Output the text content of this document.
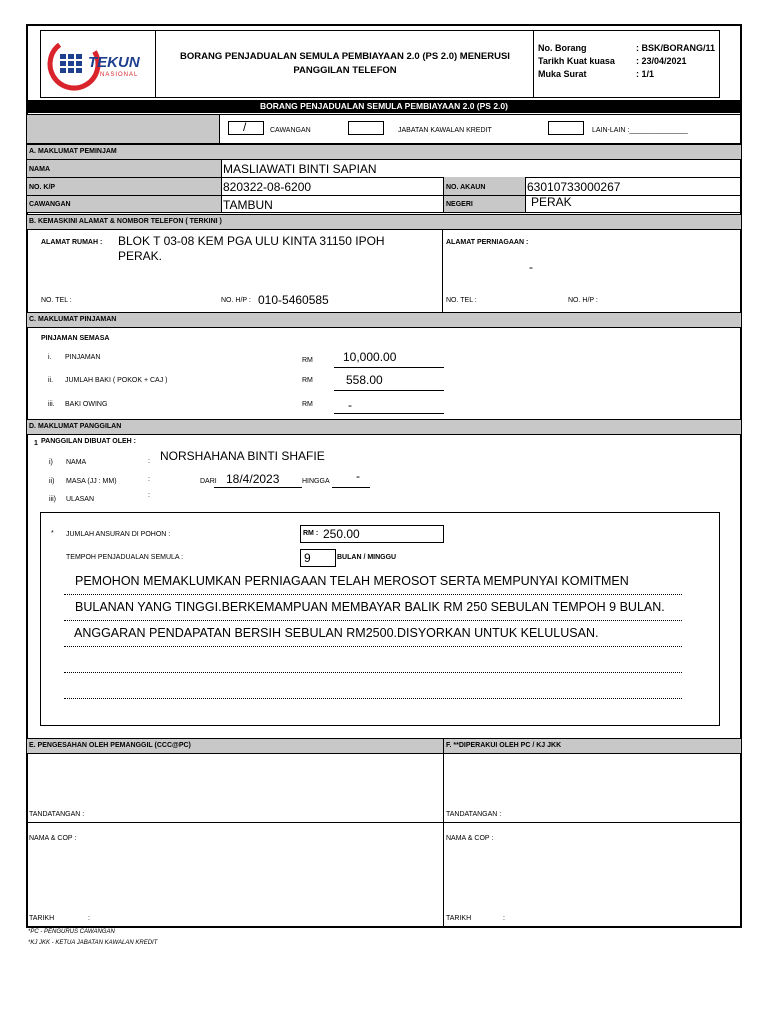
TEKUN
NASIONAL
BORANG PENJADUALAN SEMULA PEMBIAYAAN 2.0 (PS 2.0) MENERUSI PANGGILAN TELEFON
No. Borang	: BSK/BORANG/11
Tarikh Kuat kuasa : 23/04/2021
Muka Surat	: 1/1
BORANG PENJADUALAN SEMULA PEMBIAYAAN 2.0 (PS 2.0)
/	CAWANGAN	JABATAN KAWALAN KREDIT	LAIN-LAIN :_______________
A. MAKLUMAT PEMINJAM
NAMA	MASLIAWATI BINTI SAPIAN
NO. K/P	820322-08-6200	NO. AKAUN	63010733000267
CAWANGAN	TAMBUN	NEGERI	PERAK
B. KEMASKINI ALAMAT & NOMBOR TELEFON ( TERKINI )
ALAMAT RUMAH : BLOK T 03-08 KEM PGA ULU KINTA 31150 IPOH PERAK.
ALAMAT PERNIAGAAN :
-
NO. TEL :	NO. H/P : 010-5460585	NO. TEL :	NO. H/P :
C. MAKLUMAT PINJAMAN
PINJAMAN SEMASA
i. PINJAMAN	RM	10,000.00
ii. JUMLAH BAKI ( POKOK + CAJ )	RM	558.00
iii. BAKI OWING	RM	-
D. MAKLUMAT PANGGILAN
1 PANGGILAN DIBUAT OLEH :
i) NAMA	: NORSHAHANA BINTI SHAFIE
ii) MASA (JJ : MM)	:	DARI 18/4/2023	HINGGA -
iii) ULASAN
:
* JUMLAH ANSURAN DI POHON :	RM : 250.00
TEMPOH PENJADUALAN SEMULA :	9	BULAN / MINGGU
PEMOHON MEMAKLUMKAN PERNIAGAAN TELAH MEROSOT SERTA MEMPUNYAI KOMITMEN
BULANAN YANG TINGGI.BERKEMAMPUAN MEMBAYAR BALIK RM 250 SEBULAN TEMPOH 9 BULAN.
ANGGARAN PENDAPATAN BERSIH SEBULAN RM2500.DISYORKAN UNTUK KELULUSAN.
E. PENGESAHAN OLEH PEMANGGIL (CCC@PC)	F. **DIPERAKUI OLEH PC / KJ JKK
TANDATANGAN :
NAMA & COP :
TARIKH	:
TANDATANGAN :
NAMA & COP :
TARIKH	:
*PC - PENGURUS CAWANGAN
*KJ JKK - KETUA JABATAN KAWALAN KREDIT
